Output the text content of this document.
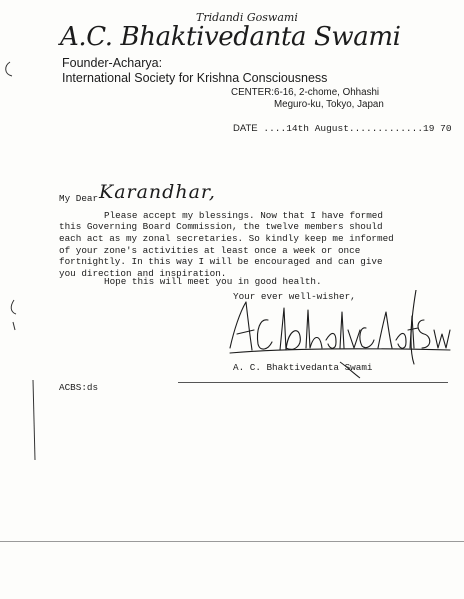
Tridandi Goswami
A.C. Bhaktivedanta Swami
Founder-Acharya:
International Society for Krishna Consciousness
CENTER:6-16, 2-chome, Ohhashi
Meguro-ku, Tokyo, Japan
DATE ....14th August.............19 70
My Dear Karandhar,
Please accept my blessings. Now that I have formed
this Governing Board Commission, the twelve members should
each act as my zonal secretaries. So kindly keep me informed
of your zone's activities at least once a week or once
fortnightly. In this way I will be encouraged and can give
you direction and inspiration.
Hope this will meet you in good health.
Your ever well-wisher,
A. C. Bhaktivedanta Swami
ACBS:ds
